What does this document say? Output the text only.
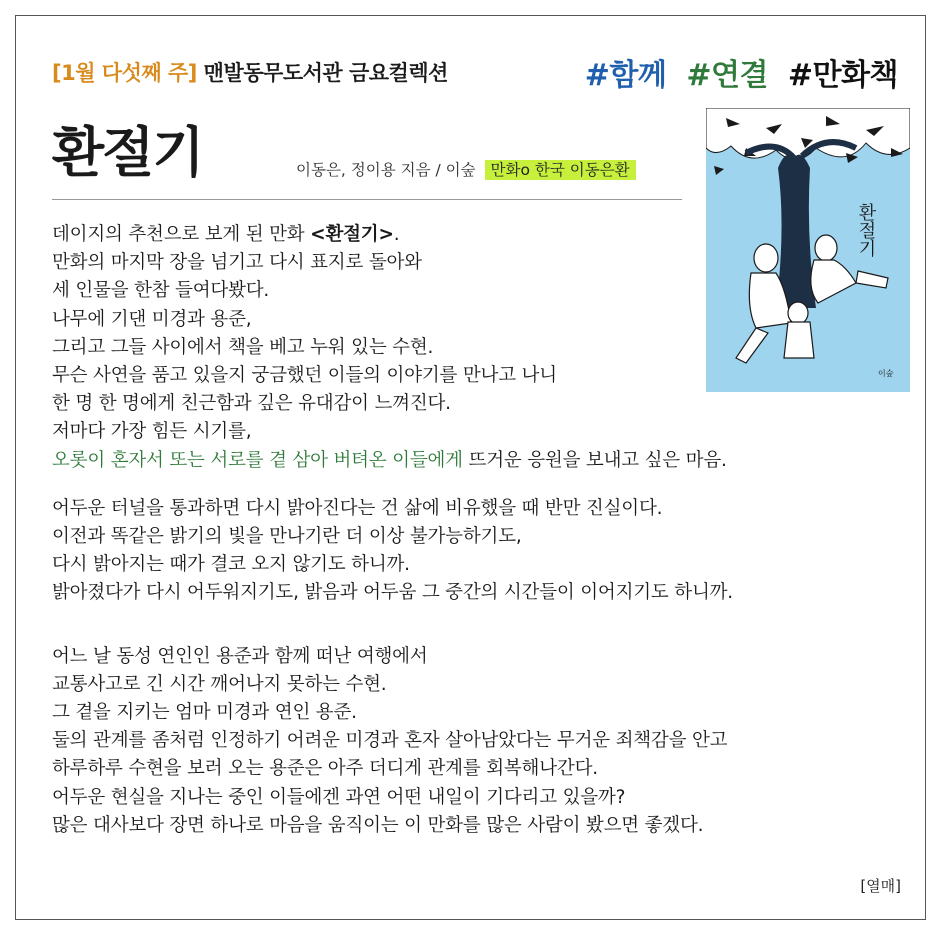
[1월 다섯째 주] 맨발동무도서관 금요컬렉션	#함께 #연결 #만화책
환절기	이동은, 정이용 지음 / 이숲 만화o 한국 이동은환
환절기
이숲

데이지의 추천으로 보게 된 만화 <환절기>.

만화의 마지막 장을 넘기고 다시 표지로 돌아와

세 인물을 한참 들여다봤다.

나무에 기댄 미경과 용준,

그리고 그들 사이에서 책을 베고 누워 있는 수현.

무슨 사연을 품고 있을지 궁금했던 이들의 이야기를 만나고 나니

한 명 한 명에게 친근함과 깊은 유대감이 느껴진다.

저마다 가장 힘든 시기를,

오롯이 혼자서 또는 서로를 곁 삼아 버텨온 이들에게 뜨거운 응원을 보내고 싶은 마음.

어두운 터널을 통과하면 다시 밝아진다는 건 삶에 비유했을 때 반만 진실이다.

이전과 똑같은 밝기의 빛을 만나기란 더 이상 불가능하기도,

다시 밝아지는 때가 결코 오지 않기도 하니까.

밝아졌다가 다시 어두워지기도, 밝음과 어두움 그 중간의 시간들이 이어지기도 하니까.

어느 날 동성 연인인 용준과 함께 떠난 여행에서

교통사고로 긴 시간 깨어나지 못하는 수현.

그 곁을 지키는 엄마 미경과 연인 용준.

둘의 관계를 좀처럼 인정하기 어려운 미경과 혼자 살아남았다는 무거운 죄책감을 안고

하루하루 수현을 보러 오는 용준은 아주 더디게 관계를 회복해나간다.

어두운 현실을 지나는 중인 이들에겐 과연 어떤 내일이 기다리고 있을까?

많은 대사보다 장면 하나로 마음을 움직이는 이 만화를 많은 사람이 봤으면 좋겠다.

[열매]
